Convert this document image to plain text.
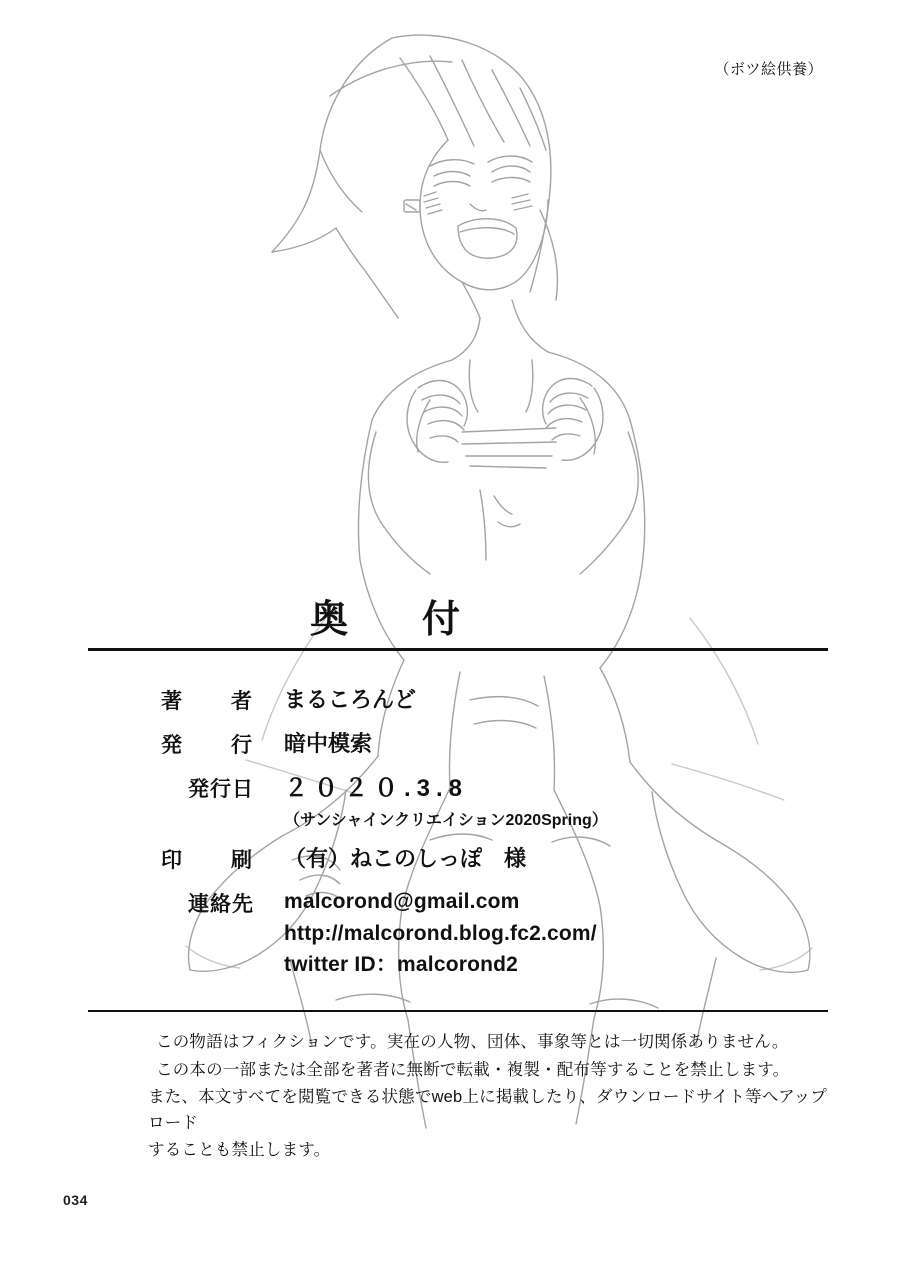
（ボツ絵供養）
奥　付
著　者 まるころんど
発　行 暗中模索
発行日	２０２０.3.8
（サンシャインクリエイション2020Spring）
印　刷 （有）ねこのしっぽ　様
連絡先	malcorond@gmail.com
http://malcorond.blog.fc2.com/
twitter ID：malcorond2

この物語はフィクションです。実在の人物、団体、事象等とは一切関係ありません。

この本の一部または全部を著者に無断で転載・複製・配布等することを禁止します。

また、本文すべてを閲覧できる状態でweb上に掲載したり、ダウンロードサイト等へアップロード

することも禁止します。

034
